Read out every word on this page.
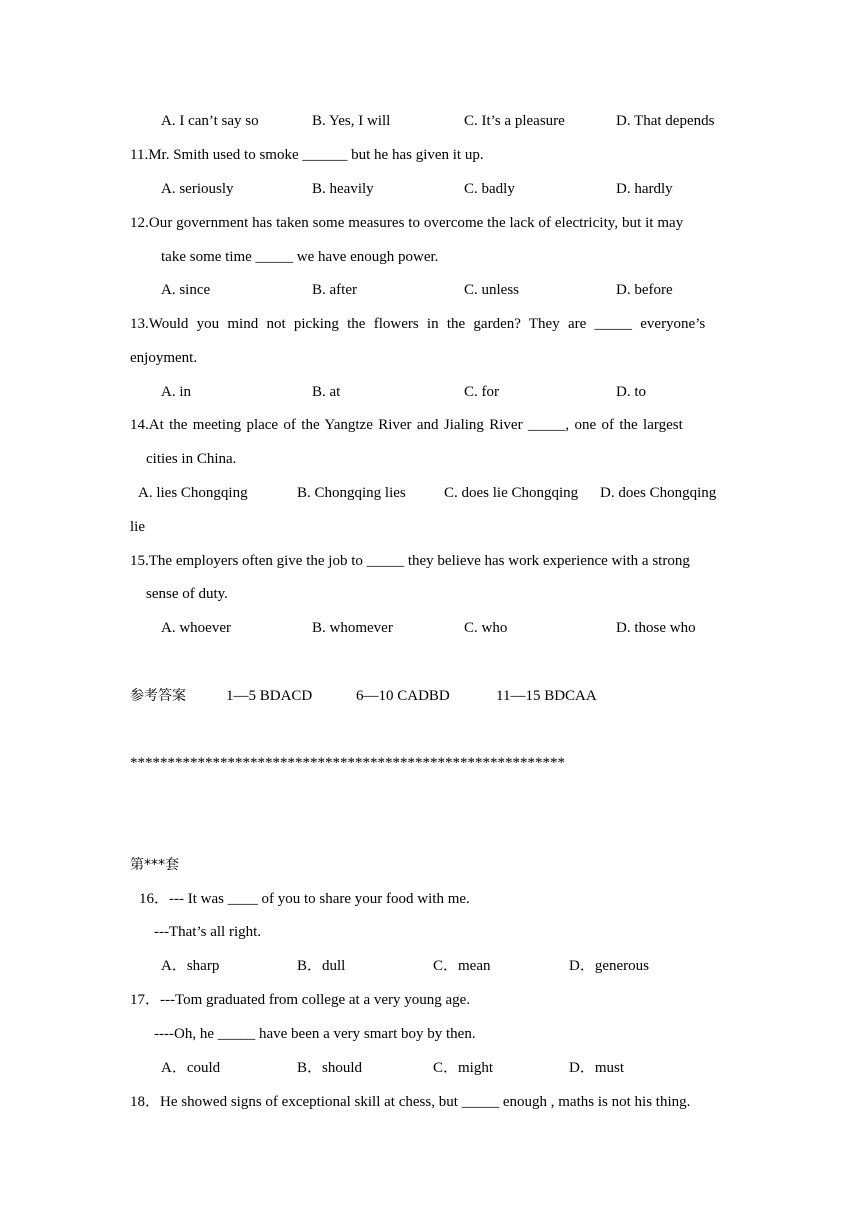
A. I can’t say so	B. Yes, I will	C. It’s a pleasure	D. That depends
11.Mr. Smith used to smoke ______ but he has given it up.
A. seriously	B. heavily	C. badly	D. hardly
12.Our government has taken some measures to overcome the lack of electricity, but it may
take some time _____ we have enough power.
A. since	B. after	C. unless	D. before
13.Would you mind not picking the flowers in the garden? They are _____ everyone’s
enjoyment.
A. in	B. at	C. for	D. to
14.At the meeting place of the Yangtze River and Jialing River _____, one of the largest
cities in China.
A. lies Chongqing	B. Chongqing lies	C. does lie Chongqing D. does Chongqing
lie
15.The employers often give the job to _____ they believe has work experience with a strong
sense of duty.
A. whoever	B. whomever	C. who	D. those who
参考答案	1—5 BDACD	6—10 CADBD	11—15 BDCAA
**********************************************************
第***套
16．--- It was ____ of you to share your food with me.
---That’s all right.
A．sharp	B．dull	C．mean	D．generous
17．---Tom graduated from college at a very young age.
----Oh, he _____ have been a very smart boy by then.
A．could	B．should	C．might	D．must
18．He showed signs of exceptional skill at chess, but _____ enough , maths is not his thing.
